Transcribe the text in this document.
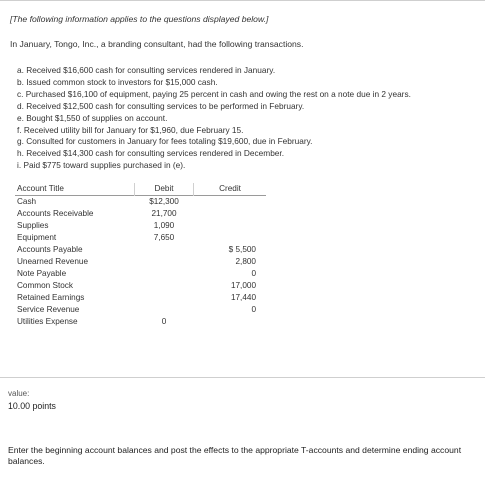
[The following information applies to the questions displayed below.]
In January, Tongo, Inc., a branding consultant, had the following transactions.
a. Received $16,600 cash for consulting services rendered in January.
b. Issued common stock to investors for $15,000 cash.
c. Purchased $16,100 of equipment, paying 25 percent in cash and owing the rest on a note due in 2 years.
d. Received $12,500 cash for consulting services to be performed in February.
e. Bought $1,550 of supplies on account.
f. Received utility bill for January for $1,960, due February 15.
g. Consulted for customers in January for fees totaling $19,600, due in February.
h. Received $14,300 cash for consulting services rendered in December.
i. Paid $775 toward supplies purchased in (e).
Account Title	Debit	Credit
Cash	$12,300	
Accounts Receivable	21,700	
Supplies	1,090	
Equipment	7,650	
Accounts Payable		$ 5,500
Unearned Revenue		2,800
Note Payable		0
Common Stock		17,000
Retained Earnings		17,440
Service Revenue		0
Utilities Expense	0	
value:
10.00 points
Enter the beginning account balances and post the effects to the appropriate T-accounts and determine ending account balances.
